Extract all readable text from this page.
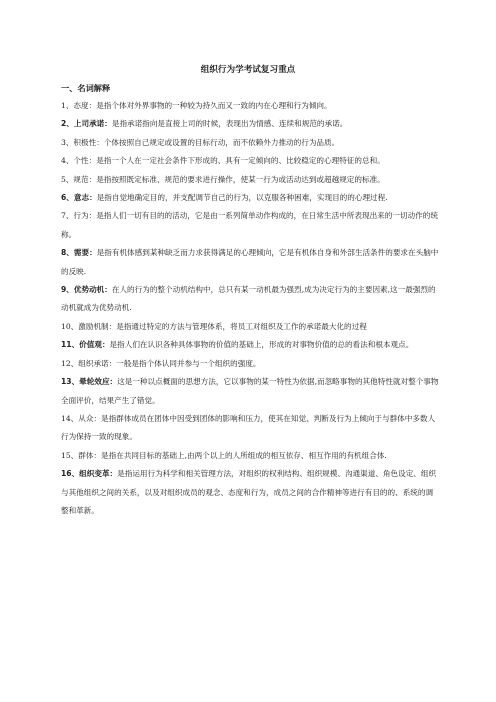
组织行为学考试复习重点
一、名词解释

1、态度：是指个体对外界事物的一种较为持久而又一致的内在心理和行为倾向。

2、上司承诺：是指承诺指向是直接上司的时候，表现出为情感、连续和规范的承诺。

3、积极性：个体按照自己规定或设置的目标行动，而不依赖外力推动的行为品质。

4、个性：是指一个人在一定社会条件下形成的、具有一定倾向的、比较稳定的心理特征的总和。

5、规范：是指按照既定标准、规范的要求进行操作，使某一行为或活动达到或超越规定的标准。

6、意志：是指自觉地确定目的，并支配调节自己的行为，以克服各种困难，实现目的的心理过程.

7、行为：是指人们一切有目的的活动，它是由一系列简单动作构成的，在日常生活中所表现出来的一切动作的统称。

8、需要：是指有机体感到某种缺乏而力求获得满足的心理倾向，它是有机体自身和外部生活条件的要求在头脑中的反映.

9、优势动机：在人的行为的整个动机结构中，总只有某一动机最为强烈,成为决定行为的主要因素,这一最强烈的动机就成为优势动机.

10、激励机制：是指通过特定的方法与管理体系，将员工对组织及工作的承诺最大化的过程

11、价值观：是指人们在认识各种具体事物的价值的基础上，形成的对事物价值的总的看法和根本观点。

12、组织承诺：一般是指个体认同并参与一个组织的强度。

13、晕轮效应：这是一种以点概面的思想方法，它以事物的某一特性为依据,而忽略事物的其他特性就对整个事物全面评价，结果产生了错觉。

14、从众：是指群体成员在团体中因受到团体的影响和压力，使其在知觉、判断及行为上倾向于与群体中多数人行为保持一致的现象。

15、群体：是指在共同目标的基础上,由两个以上的人所组成的相互依存、相互作用的有机组合体.

16、组织变革：是指运用行为科学和相关管理方法，对组织的权利结构、组织规模、沟通渠道、角色设定、组织与其他组织之间的关系，以及对组织成员的观念、态度和行为，成员之间的合作精神等进行有目的的、系统的调整和革新。
